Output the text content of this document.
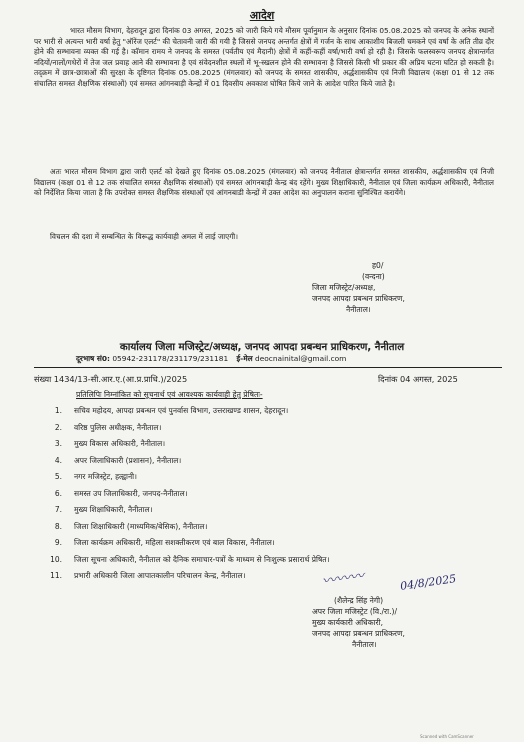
आदेश
भारत मौसम विभाग, देहरादून द्वारा दिनांक 03 अगस्त, 2025 को जारी किये गये मौसम पूर्वानुमान के अनुसार दिनांक 05.08.2025 को जनपद के अनेक स्थानों पर भारी से अत्यन्त भारी वर्षा हेतु "ऑरेंज एलर्ट" की चेतावनी जारी की गयी है जिससे जनपद अन्तर्गत क्षेत्रों में गर्जन के साथ आकाशीय बिजली चमकने एवं वर्षा के अति तीव्र दौर होने की सम्भावना व्यक्त की गई है। कॉमान रामय ने जनपद के समस्त (पर्वतीय एवं मैदानी) क्षेत्रों में कहीं-कहीं वर्षा/भारी वर्षा हो रही है। जिसके फलस्वरूप जनपद क्षेत्रान्तर्गत नदियों/नालों/गधेरों में तेज जल प्रवाह आने की सम्भावना है एवं संवेदनशील स्थलों में भू-स्खलन होने की सम्भावना है जिससे किसी भी प्रकार की अप्रिय घटना घटित हो सकती है। तद्क्रम में छात्र-छात्राओं की सुरक्षा के दृष्टिगत दिनांक 05.08.2025 (मंगलवार) को जनपद के समस्त शासकीय, अर्द्धशासकीय एवं निजी विद्यालय (कक्षा 01 से 12 तक संचालित समस्त शैक्षणिक संस्थाओं) एवं समस्त आंगनबाड़ी केन्द्रों में 01 दिवसीय अवकाश घोषित किये जाने के आदेश पारित किये जाते है।
अतः भारत मौसम विभाग द्वारा जारी एलर्ट को देखते हुए दिनांक 05.08.2025 (मंगलवार) को जनपद नैनीताल क्षेत्रान्तर्गत समस्त शासकीय, अर्द्धशासकीय एवं निजी विद्यालय (कक्षा 01 से 12 तक संचालित समस्त शैक्षणिक संस्थाओं) एवं समस्त आंगनबाड़ी केन्द्र बंद रहेंगे। मुख्य शिक्षाधिकारी, नैनीताल एवं जिला कार्यक्रम अधिकारी, नैनीताल को निर्देशित किया जाता है कि उपरोक्त समस्त शैक्षणिक संस्थाओं एवं आंगनबाडी केन्द्रों में उक्त आदेश का अनुपालन कराना सुनिश्चित करायेंगे।
विचलन की दशा में सम्बन्धित के विरूद्ध कार्यवाही अमल में लाई जाएगी।
ह0/
(वन्दना)
जिला मजिस्ट्रेट/अध्यक्ष,
जनपद आपदा प्रबन्धन प्राधिकरण,
नैनीताल।
कार्यालय जिला मजिस्ट्रेट/अध्यक्ष, जनपद आपदा प्रबन्धन प्राधिकरण, नैनीताल
दूरभाष सं0: 05942-231178/231179/231181 ई-मेल deocnainital@gmail.com
संख्या 1434/13-सी.आर.ए.(आ.प्र.प्राधि.)/2025	दिनांक 04 अगस्त, 2025
प्रतिलिपिः निम्नांकित को सूचनार्थ एवं आवश्यक कार्यवाही हेतु प्रेषितः-
1. सचिव महोदय, आपदा प्रबन्धन एवं पुनर्वास विभाग, उत्तराखण्ड शासन, देहरादून।
2. वरिष्ठ पुलिस अधीक्षक, नैनीताल।
3. मुख्य विकास अधिकारी, नैनीताल।
4. अपर जिलाधिकारी (प्रशासन), नैनीताल।
5. नगर मजिस्ट्रेट, हल्द्वानी।
6. समस्त उप जिलाधिकारी, जनपद-नैनीताल।
7. मुख्य शिक्षाधिकारी, नैनीताल।
8. जिला शिक्षाधिकारी (माध्यमिक/बेसिक), नैनीताल।
9. जिला कार्यक्रम अधिकारी, महिला सशक्तीकरण एवं बाल विकास, नैनीताल।
10. जिला सूचना अधिकारी, नैनीताल को दैनिक समाचार-पत्रों के माध्यम से निःशुल्क प्रसारार्थ प्रेषित।
11. प्रभारी अधिकारी जिला आपातकालीन परिचालन केन्द्र, नैनीताल।	〰〰〰	04/8/2025
(शैलेन्द्र सिंह नेगी)
अपर जिला मजिस्ट्रेट (वि./रा.)/
मुख्य कार्यकारी अधिकारी,
जनपद आपदा प्रबन्धन प्राधिकरण,
नैनीताल।
Scanned with CamScanner
